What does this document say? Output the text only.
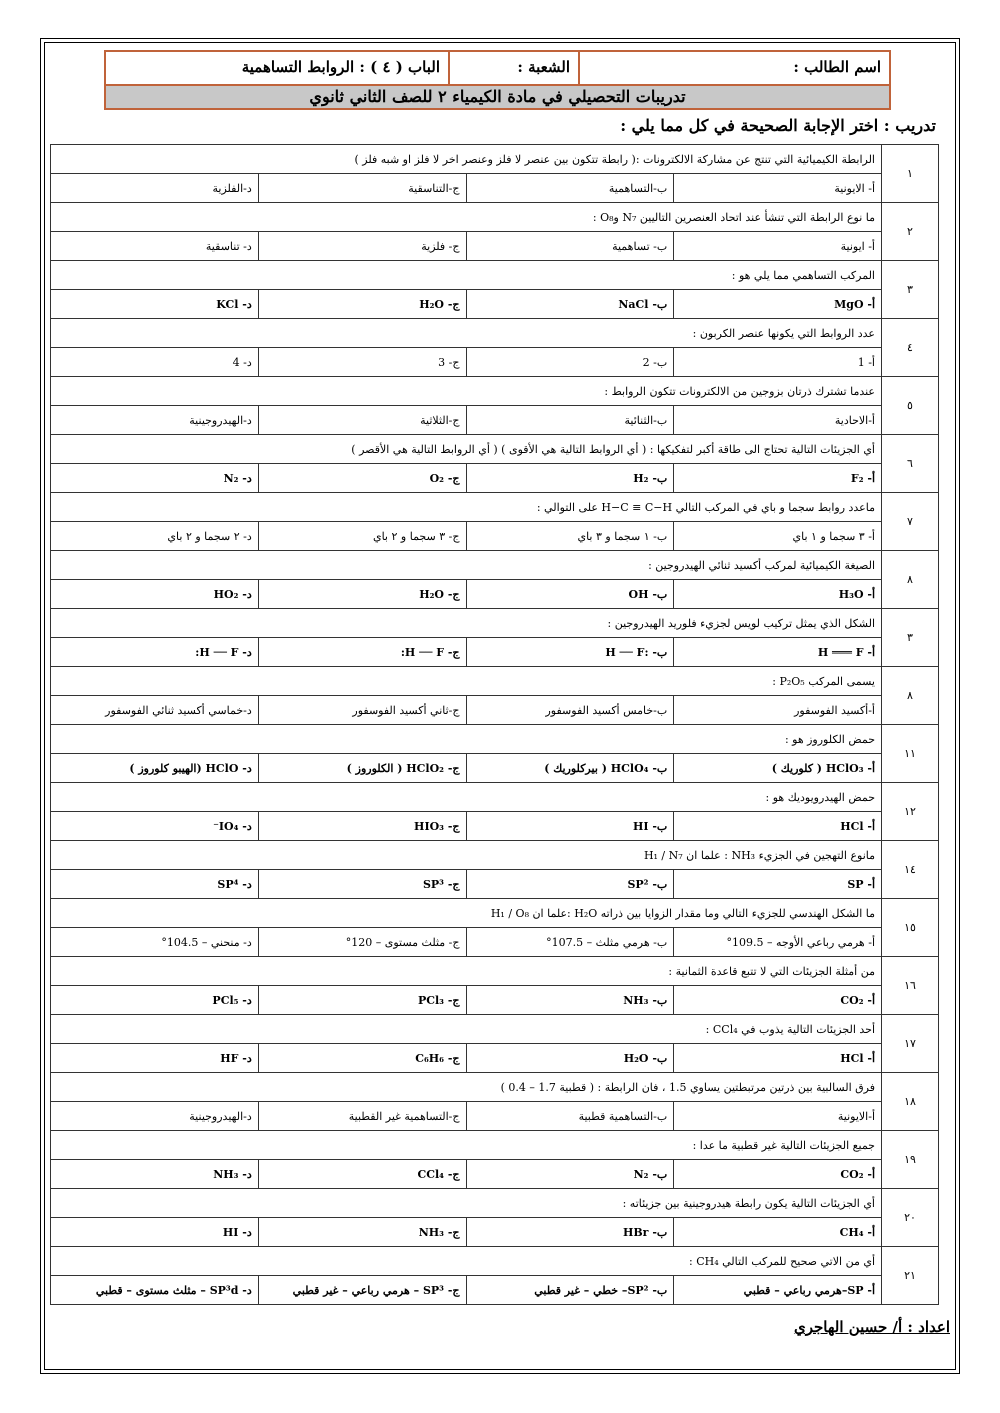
اسم الطالب :
الشعبة :
الباب ( ٤ ) : الروابط التساهمية
تدريبات التحصيلي في مادة الكيمياء ٢ للصف الثاني ثانوي
تدريب : اختر الإجابة الصحيحة في كل مما يلي :
١	الرابطة الكيميائية التي تنتج عن مشاركة الالكترونات :( رابطة تتكون بين عنصر لا فلز وعنصر اخر لا فلز او شبه فلز )			
	أ- الايونية	ب-التساهمية	ج-التناسقية	د-الفلزية
٢	ما نوع الرابطة التي تنشأ عند اتحاد العنصرين التاليين N₇ وO₈ :			
	أ- ايونية	ب- تساهمية	ج- فلزية	د- تناسقية
٣	المركب التساهمي مما يلي هو :			
	أ- MgO	ب- NaCl	ج- H₂O	د- KCl
٤	عدد الروابط التي يكونها عنصر الكربون :			
	أ- 1	ب- 2	ج- 3	د- 4
٥	عندما تشترك ذرتان بزوجين من الالكترونات تتكون الروابط :			
	أ-الاحادية	ب-الثنائية	ج-الثلاثية	د-الهيدروجينية
٦	أي الجزيئات التالية تحتاج الى طاقة أكبر لتفكيكها : ( أي الروابط التالية هي الأقوى ) ( أي الروابط التالية هي الأقصر )			
	أ- F₂	ب- H₂	ج- O₂	د- N₂
٧	ماعدد روابط سجما و باي في المركب التالي H−C ≡ C−H على التوالي :			
	أ- ٣ سجما و ١ باي	ب- ١ سجما و ٣ باي	ج- ٣ سجما و ٢ باي	د- ٢ سجما و ٢ باي
٨	الصيغة الكيميائية لمركب أكسيد ثنائي الهيدروجين :			
	أ- H₃O	ب- OH	ج- H₂O	د- HO₂
٣	الشكل الذي يمثل تركيب لويس لجزيء فلوريد الهيدروجين :			
	أ- H ═══ F	ب- :H ── F	ج- H ── F:	د- H ── F:
٨	يسمى المركب P₂O₅ :			
	أ-أكسيد الفوسفور	ب-خامس أكسيد الفوسفور	ج-ثاني أكسيد الفوسفور	د-خماسي أكسيد ثنائي الفوسفور
١١	حمض الكلوروز هو :			
	أ- HClO₃ ( كلوريك )	ب- HClO₄ ( بيركلوريك )	ج- HClO₂ ( الكلوروز )	د- HClO (الهيبو كلوروز )
١٢	حمض الهيدرويوديك هو :			
	أ- HCl	ب- HI	ج- HIO₃	د- IO₄⁻
١٤	مانوع التهجين في الجزيء NH₃ : علما ان H₁ / N₇			
	أ- SP	ب- SP²	ج- SP³	د- SP⁴
١٥	ما الشكل الهندسي للجزيء التالي وما مقدار الزوايا بين ذراته H₂O :علما ان H₁ / O₈			
	أ- هرمي رباعي الأوجه – 109.5°	ب- هرمي مثلث – 107.5°	ج- مثلث مستوى – 120°	د- منحني – 104.5°
١٦	من أمثلة الجزيئات التي لا تتبع قاعدة الثمانية :			
	أ- CO₂	ب- NH₃	ج- PCl₃	د- PCl₅
١٧	أحد الجزيئات التالية يذوب في CCl₄ :			
	أ- HCl	ب- H₂O	ج- C₆H₆	د- HF
١٨	فرق السالبية بين ذرتين مرتبطتين يساوي 1.5 ، فان الرابطة : ( قطبية 1.7 – 0.4 )			
	أ-الايونية	ب-التساهمية قطبية	ج-التساهمية غير القطبية	د-الهيدروجينية
١٩	جميع الجزيئات التالية غير قطبية ما عدا :			
	أ- CO₂	ب- N₂	ج- CCl₄	د- NH₃
٢٠	أي الجزيئات التالية يكون رابطة هيدروجينية بين جزيئاته :			
	أ- CH₄	ب- HBr	ج- NH₃	د- HI
٢١	أي من الاتي صحيح للمركب التالي CH₄ :			
	أ- SP–هرمي رباعي – قطبي	ب- SP²– خطي – غير قطبي	ج- SP³ – هرمي رباعي – غير قطبي	د- SP³d – مثلث مستوى – قطبي
اعداد : أ/ حسين الهاجري
